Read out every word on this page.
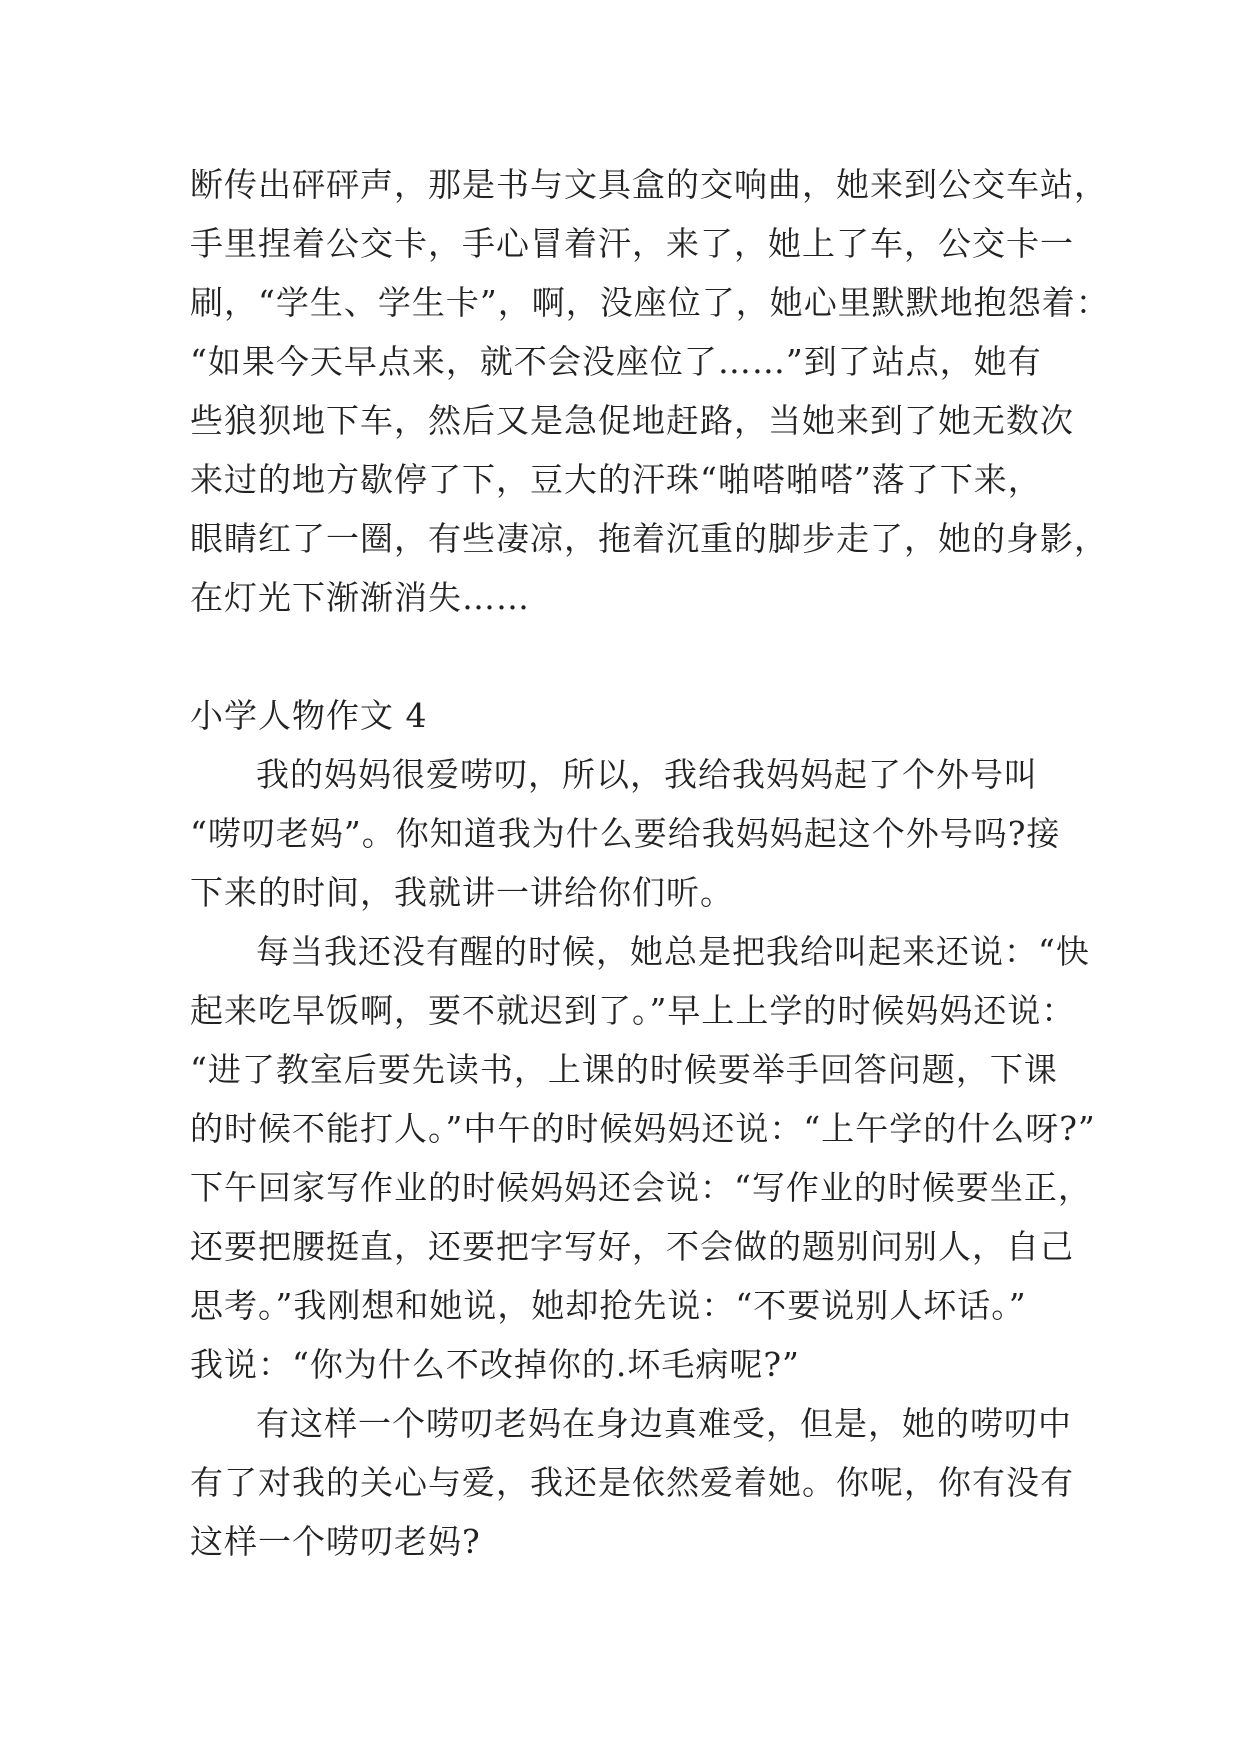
断传出砰砰声，那是书与文具盒的交响曲，她来到公交车站，
手里捏着公交卡，手心冒着汗，来了，她上了车，公交卡一
刷，“学生、学生卡”，啊，没座位了，她心里默默地抱怨着：
“如果今天早点来，就不会没座位了……”到了站点，她有
些狼狈地下车，然后又是急促地赶路，当她来到了她无数次
来过的地方歇停了下，豆大的汗珠“啪嗒啪嗒”落了下来，
眼睛红了一圈，有些凄凉，拖着沉重的脚步走了，她的身影，
在灯光下渐渐消失……
小学人物作文 4
我的妈妈很爱唠叨，所以，我给我妈妈起了个外号叫
“唠叨老妈”。你知道我为什么要给我妈妈起这个外号吗?接
下来的时间，我就讲一讲给你们听。
每当我还没有醒的时候，她总是把我给叫起来还说：“快
起来吃早饭啊，要不就迟到了。”早上上学的时候妈妈还说：
“进了教室后要先读书，上课的时候要举手回答问题，下课
的时候不能打人。”中午的时候妈妈还说：“上午学的什么呀?”
下午回家写作业的时候妈妈还会说：“写作业的时候要坐正，
还要把腰挺直，还要把字写好，不会做的题别问别人，自己
思考。”我刚想和她说，她却抢先说：“不要说别人坏话。”
我说：“你为什么不改掉你的.坏毛病呢?”
有这样一个唠叨老妈在身边真难受，但是，她的唠叨中
有了对我的关心与爱，我还是依然爱着她。你呢，你有没有
这样一个唠叨老妈?
